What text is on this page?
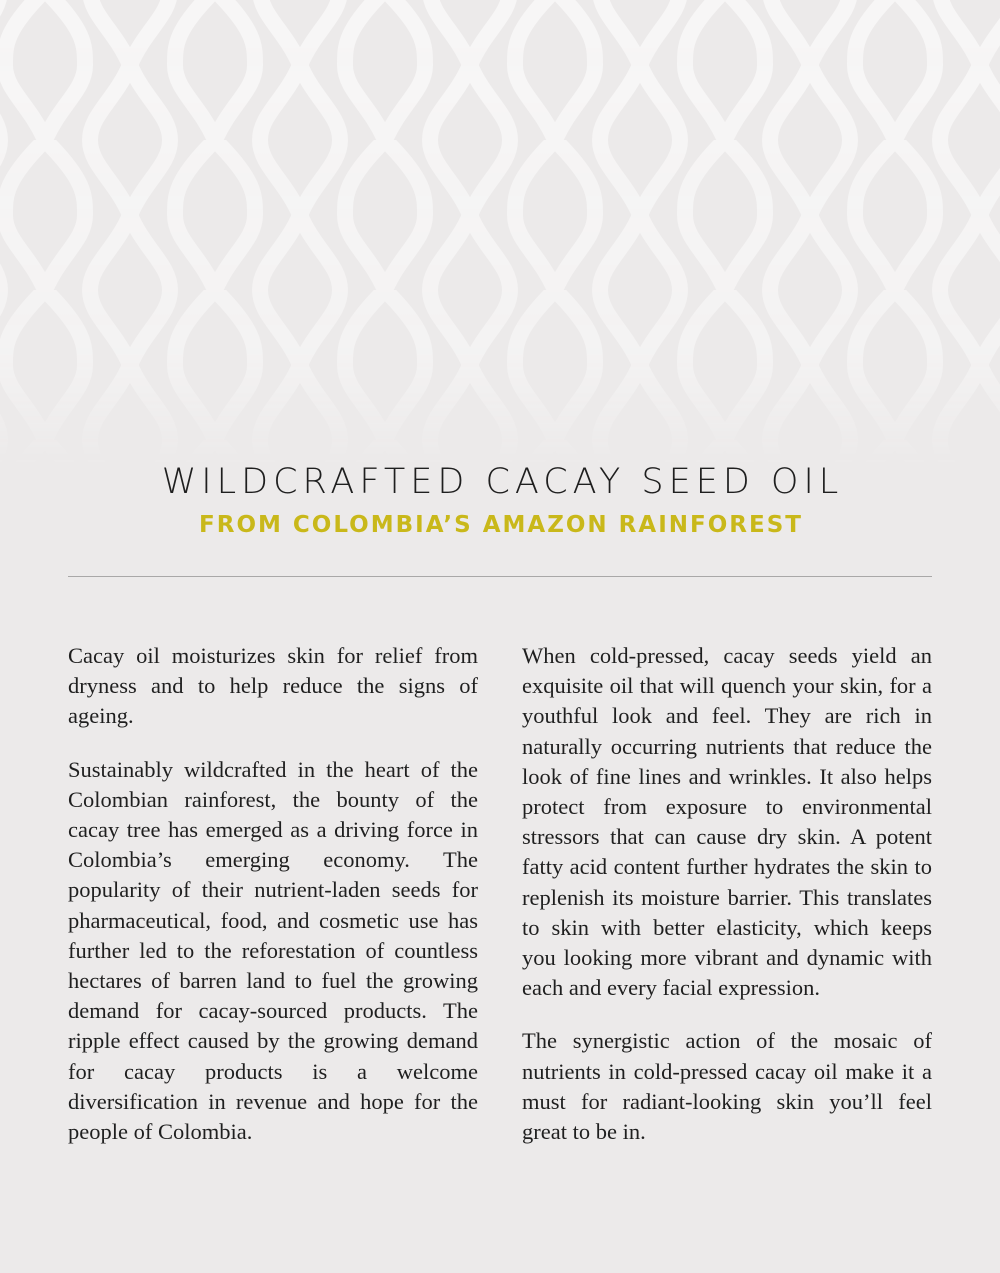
WILDCRAFTED CACAY SEED OIL
FROM COLOMBIA’S AMAZON RAINFOREST

Cacay oil moisturizes skin for relief from dryness and to help reduce the signs of ageing.

Sustainably wildcrafted in the heart of the Colombian rainforest, the bounty of the cacay tree has emerged as a driving force in Colombia’s emerging economy. The popularity of their nutrient-laden seeds for pharmaceutical, food, and cosmetic use has further led to the reforestation of countless hectares of barren land to fuel the growing demand for cacay-sourced products. The ripple effect caused by the growing demand for cacay products is a welcome diversification in revenue and hope for the people of Colombia.

When cold-pressed, cacay seeds yield an exquisite oil that will quench your skin, for a youthful look and feel. They are rich in naturally occurring nutrients that reduce the look of fine lines and wrinkles. It also helps protect from exposure to environmental stressors that can cause dry skin. A potent fatty acid content further hydrates the skin to replenish its moisture barrier. This translates to skin with better elasticity, which keeps you looking more vibrant and dynamic with each and every facial expression.

The synergistic action of the mosaic of nutrients in cold-pressed cacay oil make it a must for radiant-looking skin you’ll feel great to be in.
